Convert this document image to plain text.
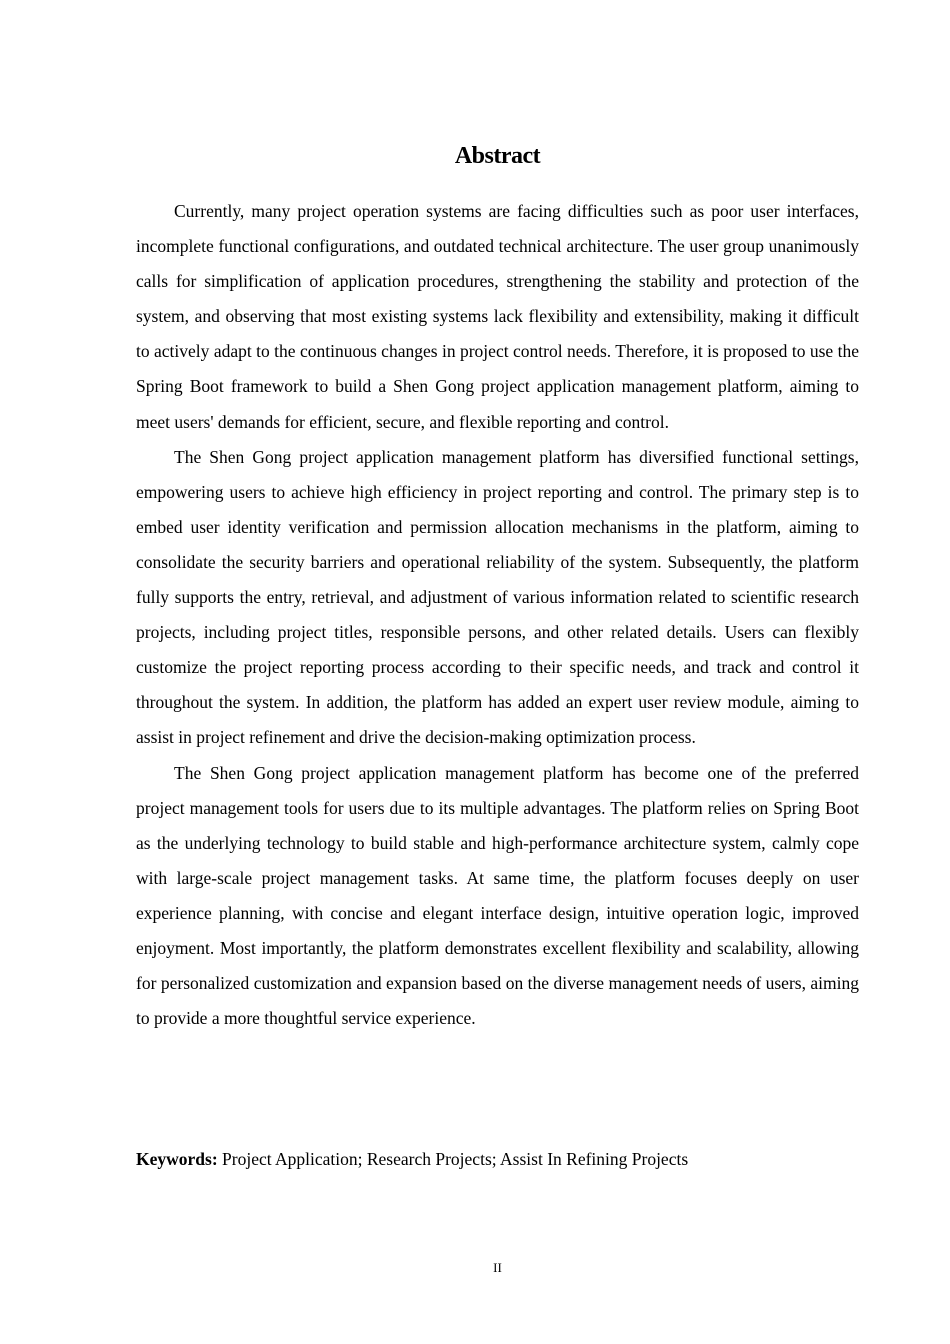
Abstract

Currently, many project operation systems are facing difficulties such as poor user interfaces, incomplete functional configurations, and outdated technical architecture. The user group unanimously calls for simplification of application procedures, strengthening the stability and protection of the system, and observing that most existing systems lack flexibility and extensibility, making it difficult to actively adapt to the continuous changes in project control needs. Therefore, it is proposed to use the Spring Boot framework to build a Shen Gong project application management platform, aiming to meet users' demands for efficient, secure, and flexible reporting and control.

The Shen Gong project application management platform has diversified functional settings, empowering users to achieve high efficiency in project reporting and control. The primary step is to embed user identity verification and permission allocation mechanisms in the platform, aiming to consolidate the security barriers and operational reliability of the system. Subsequently, the platform fully supports the entry, retrieval, and adjustment of various information related to scientific research projects, including project titles, responsible persons, and other related details. Users can flexibly customize the project reporting process according to their specific needs, and track and control it throughout the system. In addition, the platform has added an expert user review module, aiming to assist in project refinement and drive the decision-making optimization process.

The Shen Gong project application management platform has become one of the preferred project management tools for users due to its multiple advantages. The platform relies on Spring Boot as the underlying technology to build stable and high-performance architecture system, calmly cope with large-scale project management tasks. At same time, the platform focuses deeply on user experience planning, with concise and elegant interface design, intuitive operation logic, improved enjoyment. Most importantly, the platform demonstrates excellent flexibility and scalability, allowing for personalized customization and expansion based on the diverse management needs of users, aiming to provide a more thoughtful service experience.

Keywords: Project Application; Research Projects; Assist In Refining Projects

II
